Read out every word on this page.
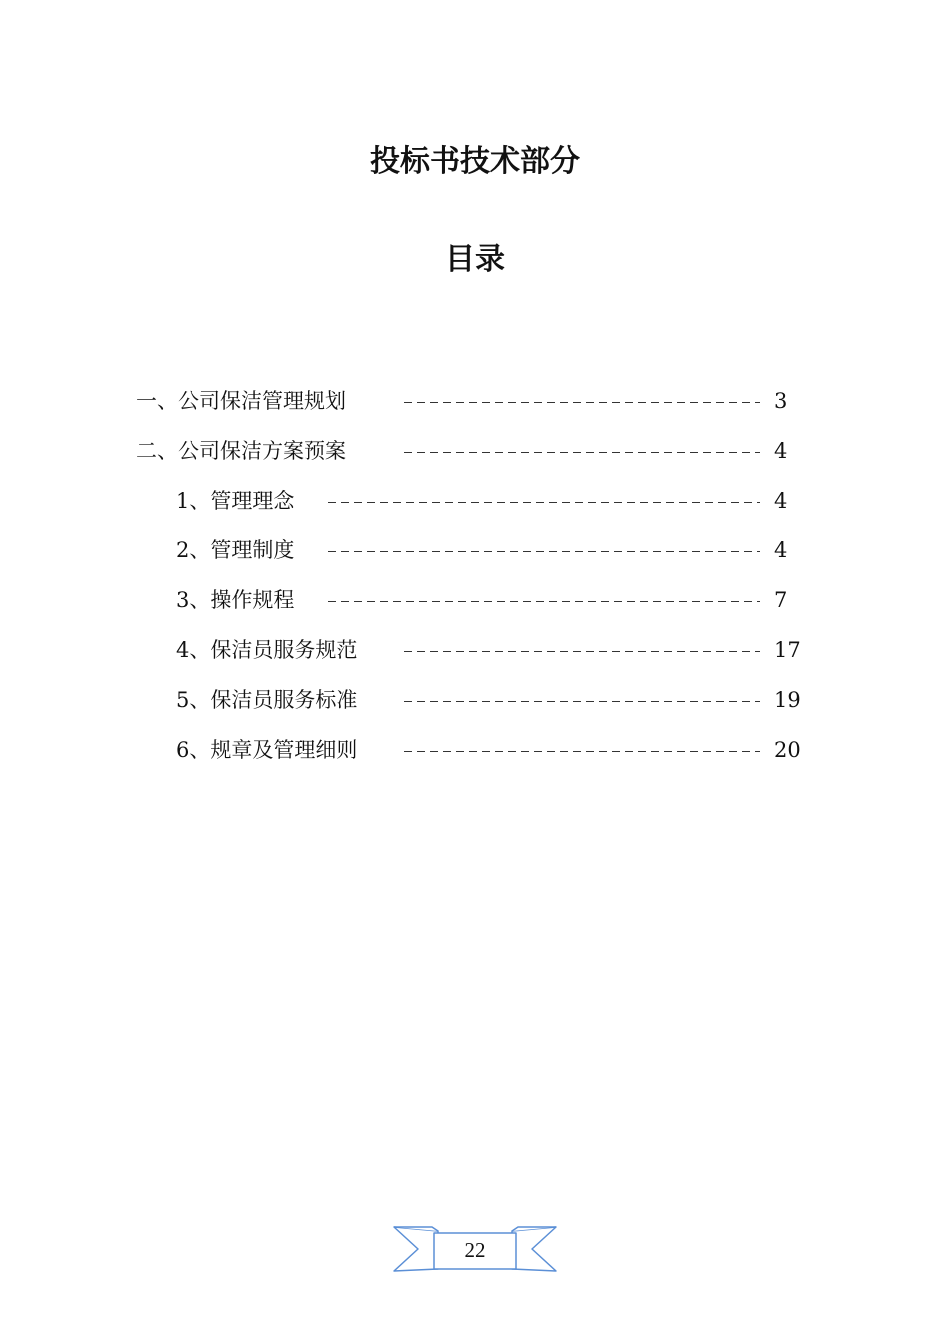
投标书技术部分
目录
一、公司保洁管理规划	3
二、公司保洁方案预案	4
1、管理理念	4
2、管理制度	4
3、操作规程	7
4、保洁员服务规范	17
5、保洁员服务标准	19
6、规章及管理细则	20
22
